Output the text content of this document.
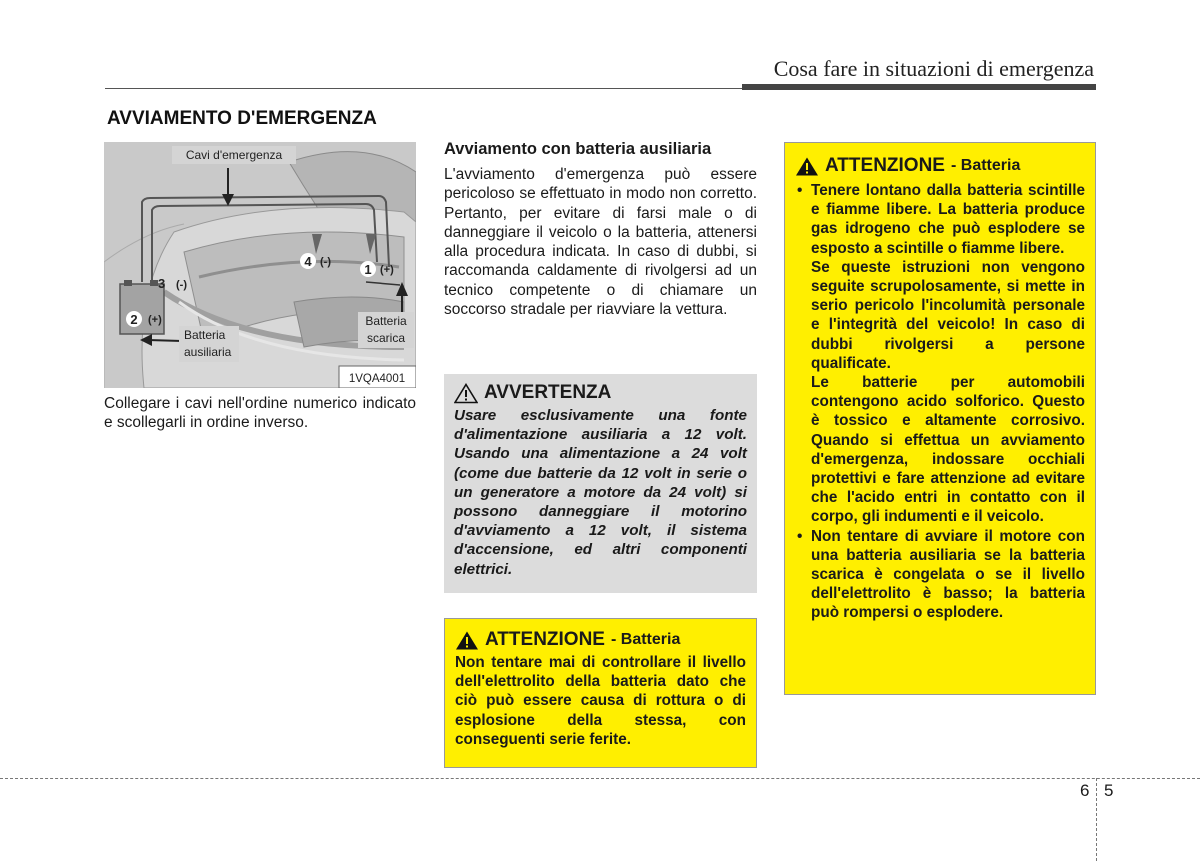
Cosa fare in situazioni di emergenza
AVVIAMENTO D'EMERGENZA
Cavi d'emergenza
1 (+)
2 (+)
3 (-)
4 (-)
Batteria
ausiliaria
Batteria
scarica
1VQA4001

Collegare i cavi nell'ordine numerico indicato e scollegarli in ordine inverso.

Avviamento con batteria ausiliaria

L'avviamento d'emergenza può essere pericoloso se effettuato in modo non corretto. Pertanto, per evitare di farsi male o di danneggiare il veicolo o la batteria, attenersi alla procedura indicata. In caso di dubbi, si raccomanda caldamente di rivolgersi ad un tecnico competente o di chiamare un soccorso stradale per riavviare la vettura.

AVVERTENZA

Usare esclusivamente una fonte d'alimentazione ausiliaria a 12 volt. Usando una alimentazione a 24 volt (come due batterie da 12 volt in serie o un generatore a motore da 24 volt) si possono danneggiare il motorino d'avviamento a 12 volt, il sistema d'accensione, ed altri componenti elettrici.

ATTENZIONE - Batteria

Non tentare mai di controllare il livello dell'elettrolito della batteria dato che ciò può essere causa di rottura o di esplosione della stessa, con conseguenti serie ferite.

ATTENZIONE - Batteria
• Tenere lontano dalla batteria scintille e fiamme libere. La batteria produce gas idrogeno che può esplodere se esposto a scintille o fiamme libere.

Se queste istruzioni non vengono seguite scrupolosamente, si mette in serio pericolo l'incolumità personale e l'integrità del veicolo! In caso di dubbi rivolgersi a persone qualificate.

Le batterie per automobili contengono acido solforico. Questo è tossico e altamente corrosivo. Quando si effettua un avviamento d'emergenza, indossare occhiali protettivi e fare attenzione ad evitare che l'acido entri in contatto con il corpo, gli indumenti e il veicolo.

• Non tentare di avviare il motore con una batteria ausiliaria se la batteria scarica è congelata o se il livello dell'elettrolito è basso; la batteria può rompersi o esplodere.

6 5
